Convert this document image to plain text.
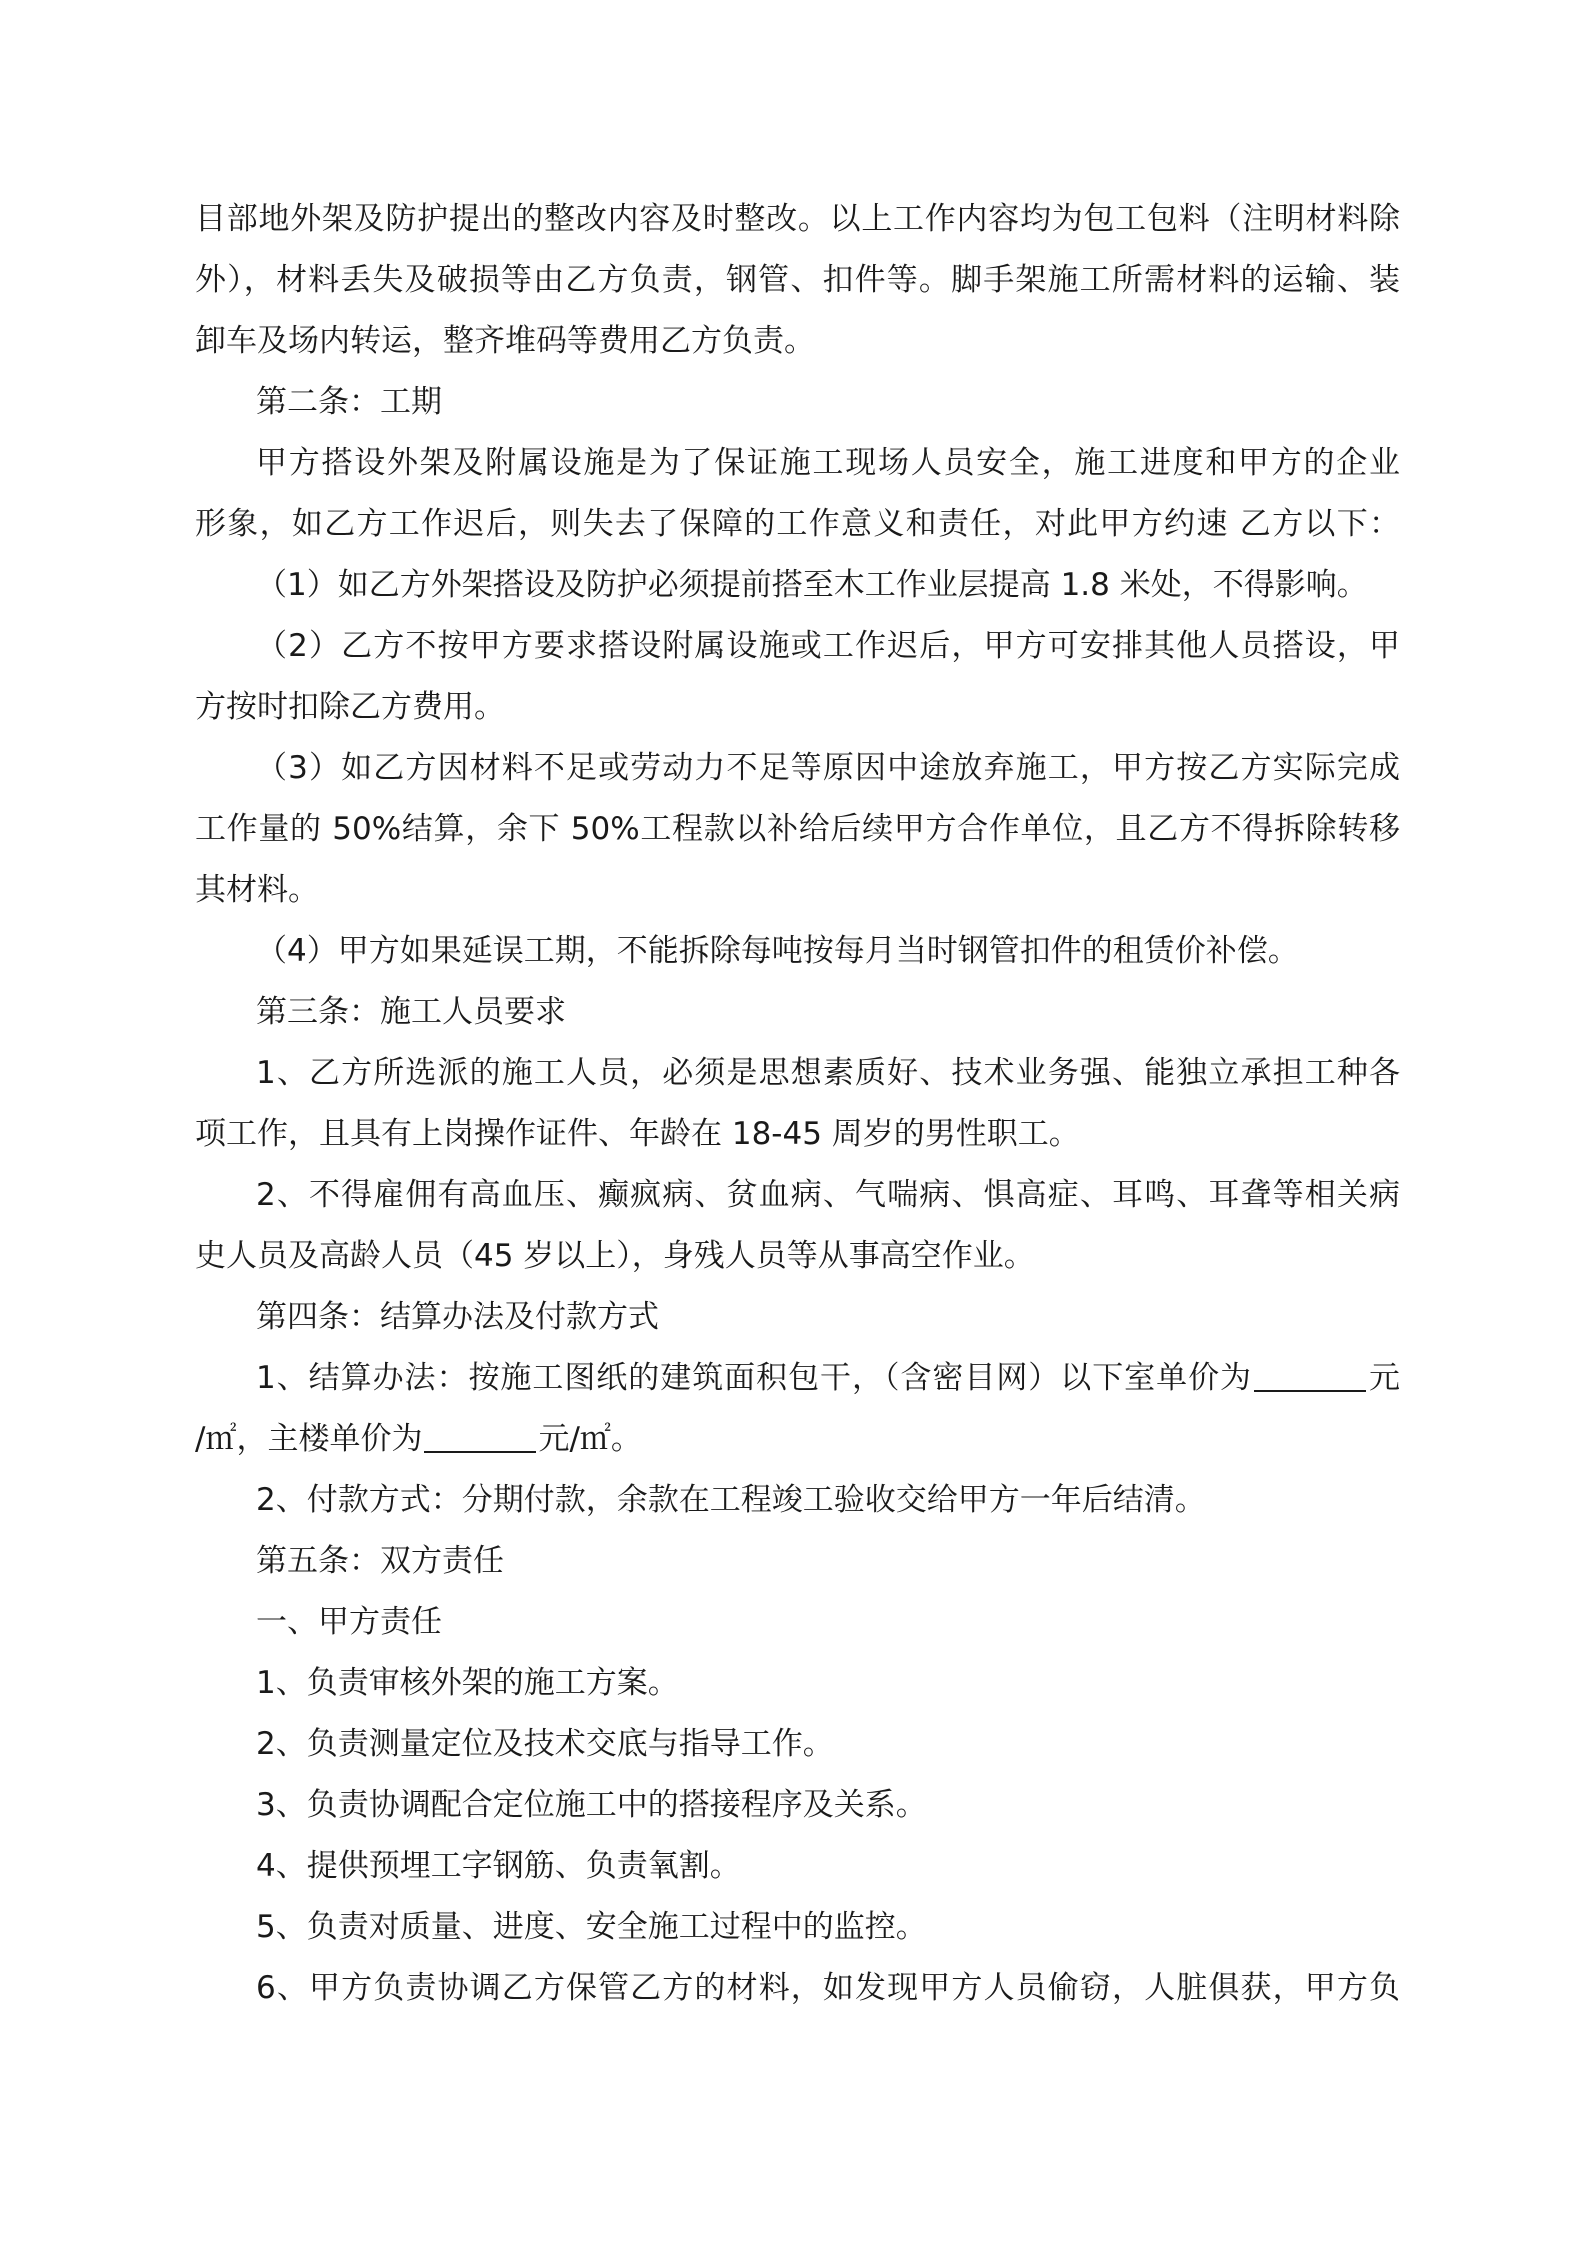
目部地外架及防护提出的整改内容及时整改。以上工作内容均为包工包料（注明材料除
外），材料丢失及破损等由乙方负责，钢管、扣件等。脚手架施工所需材料的运输、装
卸车及场内转运，整齐堆码等费用乙方负责。
第二条：工期
甲方搭设外架及附属设施是为了保证施工现场人员安全，施工进度和甲方的企业
形象，如乙方工作迟后，则失去了保障的工作意义和责任，对此甲方约速 乙方以下：
（1）如乙方外架搭设及防护必须提前搭至木工作业层提高 1.8 米处，不得影响。
（2）乙方不按甲方要求搭设附属设施或工作迟后，甲方可安排其他人员搭设，甲
方按时扣除乙方费用。
（3）如乙方因材料不足或劳动力不足等原因中途放弃施工，甲方按乙方实际完成
工作量的 50%结算，余下 50%工程款以补给后续甲方合作单位，且乙方不得拆除转移
其材料。
（4）甲方如果延误工期，不能拆除每吨按每月当时钢管扣件的租赁价补偿。
第三条：施工人员要求
1、乙方所选派的施工人员，必须是思想素质好、技术业务强、能独立承担工种各
项工作，且具有上岗操作证件、年龄在 18-45 周岁的男性职工。
2、不得雇佣有高血压、癫疯病、贫血病、气喘病、惧高症、耳鸣、耳聋等相关病
史人员及高龄人员（45 岁以上），身残人员等从事高空作业。
第四条：结算办法及付款方式
1、结算办法：按施工图纸的建筑面积包干，（含密目网）以下室单价为	元
/㎡，主楼单价为	元/㎡。
2、付款方式：分期付款，余款在工程竣工验收交给甲方一年后结清。
第五条：双方责任
一、甲方责任
1、负责审核外架的施工方案。
2、负责测量定位及技术交底与指导工作。
3、负责协调配合定位施工中的搭接程序及关系。
4、提供预埋工字钢筋、负责氧割。
5、负责对质量、进度、安全施工过程中的监控。
6、甲方负责协调乙方保管乙方的材料，如发现甲方人员偷窃，人脏俱获，甲方负
